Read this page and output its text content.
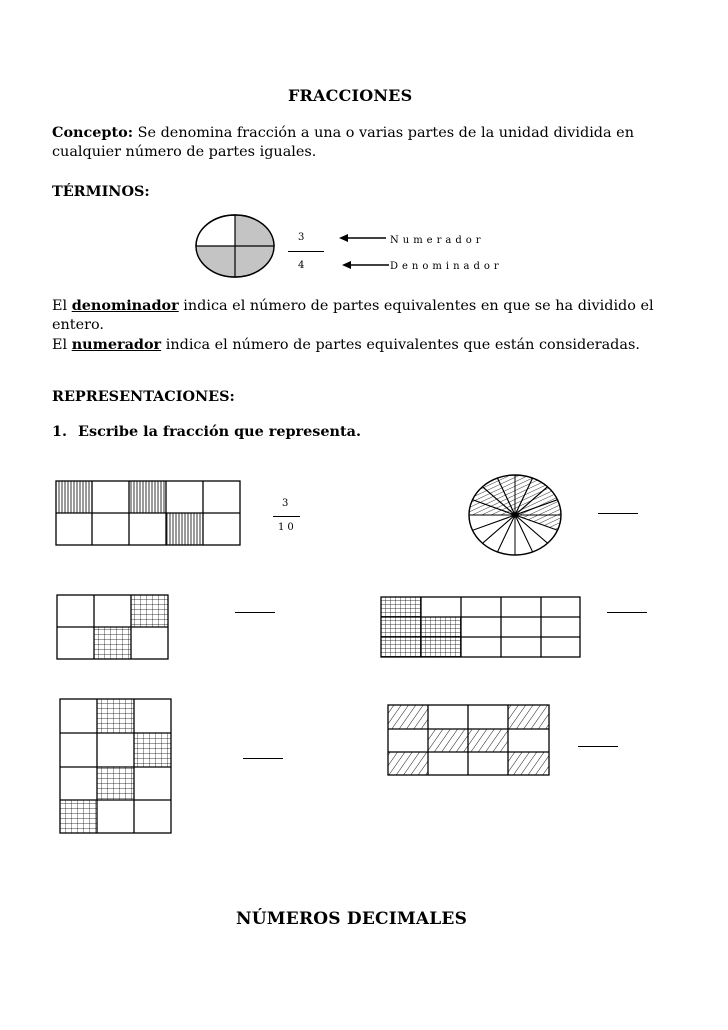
FRACCIONES
Concepto: Se denomina fracción a una o varias partes de la unidad dividida en
cualquier número de partes iguales.
TÉRMINOS:
3
4
Numerador
Denominador
El denominador indica el número de partes equivalentes en que se ha dividido el
entero.
El numerador indica el número de partes equivalentes que están consideradas.
REPRESENTACIONES:
1. Escribe la fracción que representa.
3
10
NÚMEROS DECIMALES
